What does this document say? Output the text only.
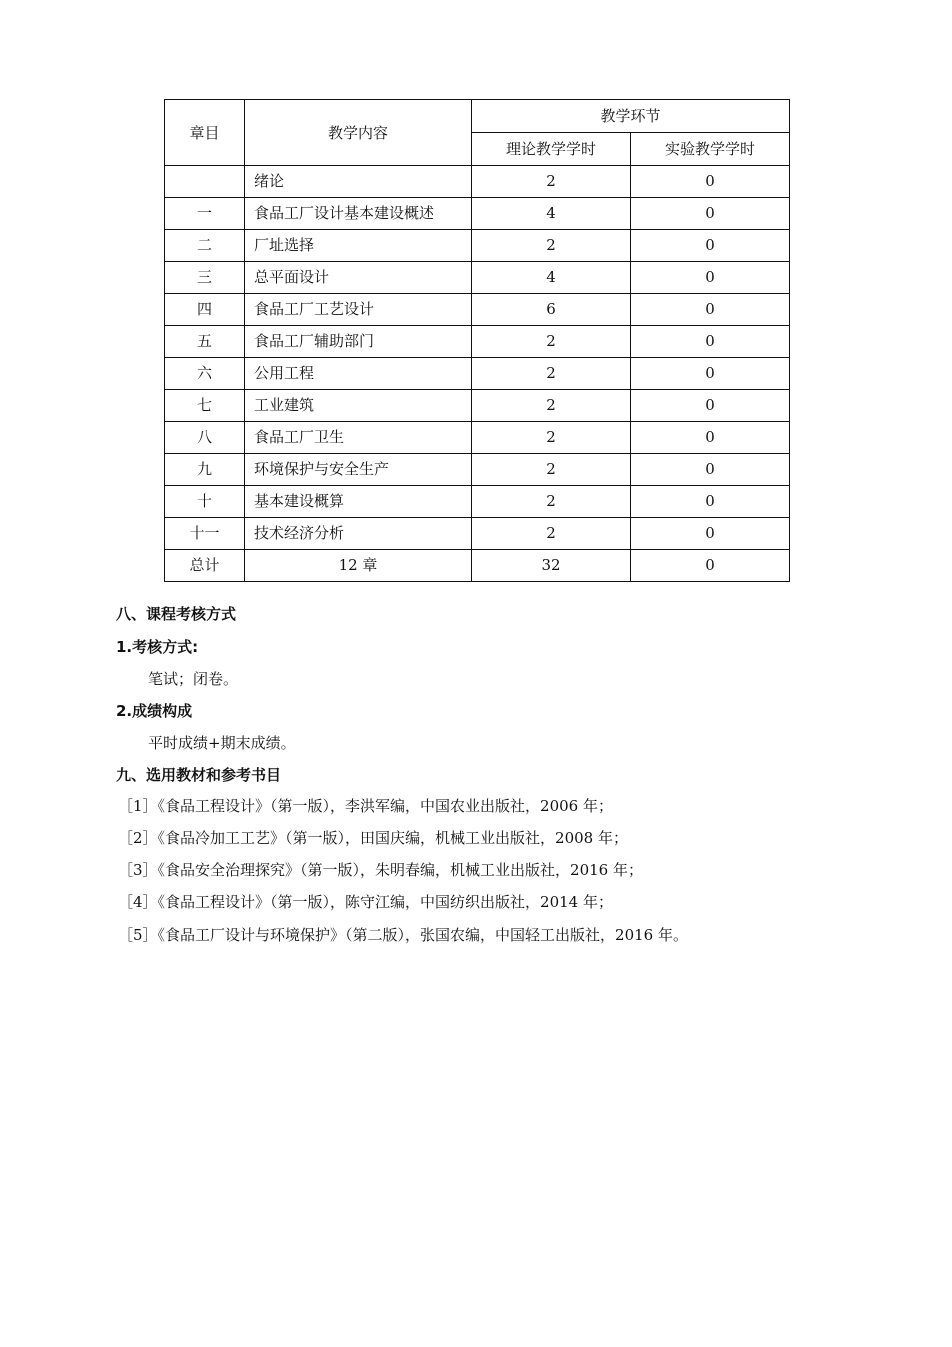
章目	教学内容	教学环节	
		理论教学学时	实验教学学时
	绪论	2	0
一	食品工厂设计基本建设概述	4	0
二	厂址选择	2	0
三	总平面设计	4	0
四	食品工厂工艺设计	6	0
五	食品工厂辅助部门	2	0
六	公用工程	2	0
七	工业建筑	2	0
八	食品工厂卫生	2	0
九	环境保护与安全生产	2	0
十	基本建设概算	2	0
十一	技术经济分析	2	0
总计	12 章	32	0
八、课程考核方式
1.考核方式:
笔试；闭卷。
2.成绩构成
平时成绩+期末成绩。
九、选用教材和参考书目
［1］《食品工程设计》（第一版），李洪军编，中国农业出版社，2006 年；
［2］《食品冷加工工艺》（第一版），田国庆编，机械工业出版社，2008 年；
［3］《食品安全治理探究》（第一版），朱明春编，机械工业出版社，2016 年；
［4］《食品工程设计》（第一版），陈守江编，中国纺织出版社，2014 年；
［5］《食品工厂设计与环境保护》（第二版），张国农编，中国轻工出版社，2016 年。
